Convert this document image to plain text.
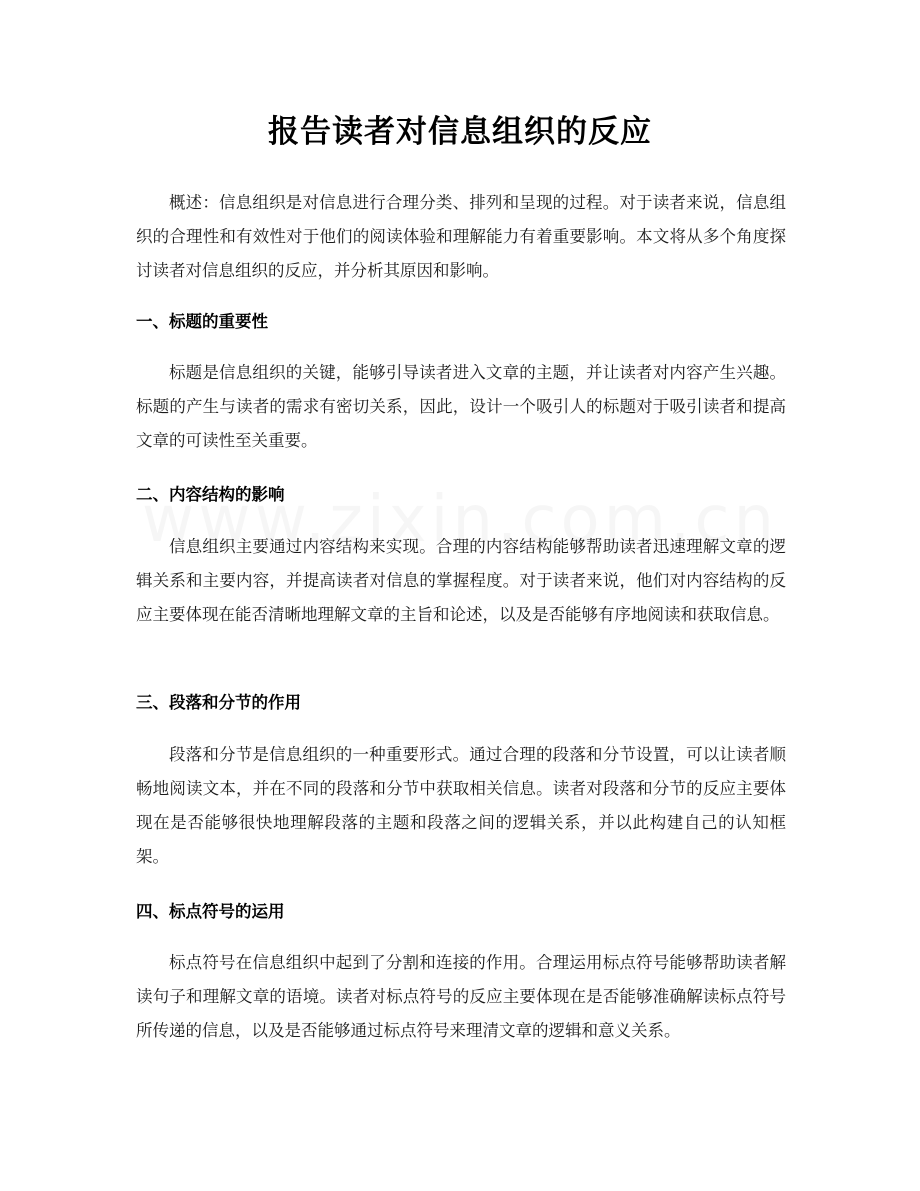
报告读者对信息组织的反应

概述：信息组织是对信息进行合理分类、排列和呈现的过程。对于读者来说，信息组织的合理性和有效性对于他们的阅读体验和理解能力有着重要影响。本文将从多个角度探讨读者对信息组织的反应，并分析其原因和影响。

一、标题的重要性

标题是信息组织的关键，能够引导读者进入文章的主题，并让读者对内容产生兴趣。标题的产生与读者的需求有密切关系，因此，设计一个吸引人的标题对于吸引读者和提高文章的可读性至关重要。

二、内容结构的影响

信息组织主要通过内容结构来实现。合理的内容结构能够帮助读者迅速理解文章的逻辑关系和主要内容，并提高读者对信息的掌握程度。对于读者来说，他们对内容结构的反应主要体现在能否清晰地理解文章的主旨和论述，以及是否能够有序地阅读和获取信息。

三、段落和分节的作用

段落和分节是信息组织的一种重要形式。通过合理的段落和分节设置，可以让读者顺畅地阅读文本，并在不同的段落和分节中获取相关信息。读者对段落和分节的反应主要体现在是否能够很快地理解段落的主题和段落之间的逻辑关系，并以此构建自己的认知框架。

四、标点符号的运用

标点符号在信息组织中起到了分割和连接的作用。合理运用标点符号能够帮助读者解读句子和理解文章的语境。读者对标点符号的反应主要体现在是否能够准确解读标点符号所传递的信息，以及是否能够通过标点符号来理清文章的逻辑和意义关系。
